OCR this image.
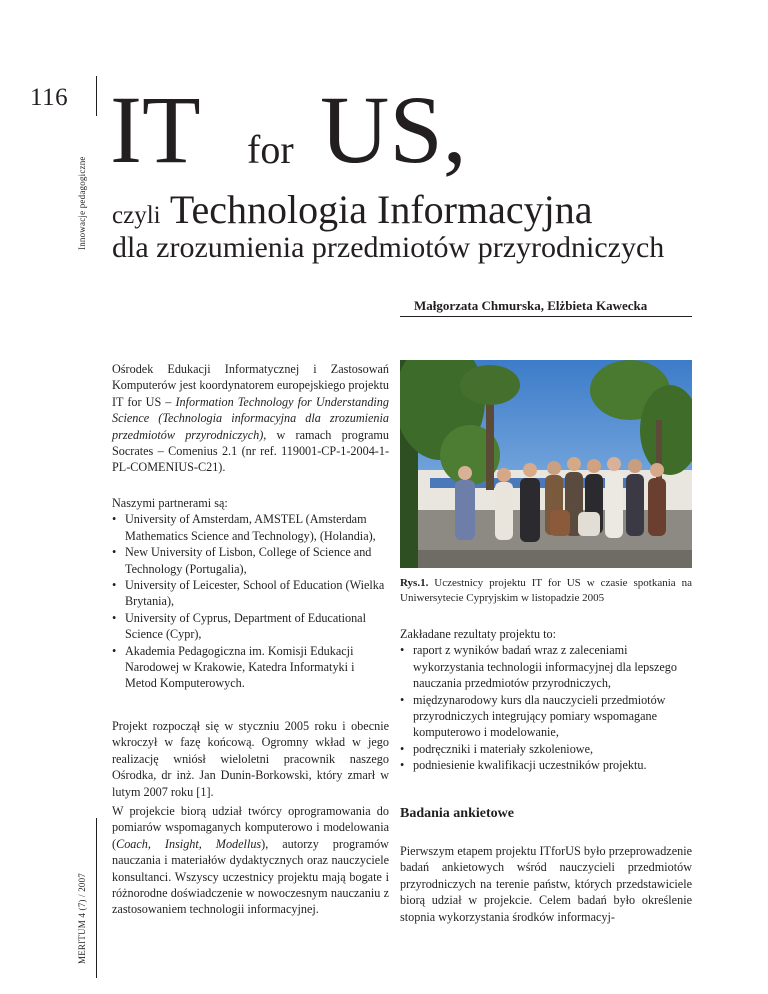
116
Innowacje pedagogiczne
MERITUM 4 (7) / 2007
IT for US,
czyli Technologia Informacyjna
dla zrozumienia przedmiotów przyrodniczych
Małgorzata Chmurska, Elżbieta Kawecka
Ośrodek Edukacji Informatycznej i Zastosowań Komputerów jest koordynatorem europejskiego projektu IT for US – Information Technology for Understanding Science (Technologia informacyjna dla zrozumienia przedmiotów przyrodniczych), w ramach programu Socrates – Comenius 2.1 (nr ref. 119001-CP-1-2004-1-PL-COMENIUS-C21).
Naszymi partnerami są:
• University of Amsterdam, AMSTEL (Amsterdam Mathematics Science and Technology), (Holandia),
• New University of Lisbon, College of Science and Technology (Portugalia),
• University of Leicester, School of Education (Wielka Brytania),
• University of Cyprus, Department of Educational Science (Cypr),
• Akademia Pedagogiczna im. Komisji Edukacji Narodowej w Krakowie, Katedra Informatyki i Metod Komputerowych.
Projekt rozpoczął się w styczniu 2005 roku i obecnie wkroczył w fazę końcową. Ogromny wkład w jego realizację wniósł wieloletni pracownik naszego Ośrodka, dr inż. Jan Dunin-Borkowski, który zmarł w lutym 2007 roku [1].
W projekcie biorą udział twórcy oprogramowania do pomiarów wspomaganych komputerowo i modelowania (Coach, Insight, Modellus), autorzy programów nauczania i materiałów dydaktycznych oraz nauczyciele konsultanci. Wszyscy uczestnicy projektu mają bogate i różnorodne doświadczenie w nowoczesnym nauczaniu z zastosowaniem technologii informacyjnej.
Rys.1. Uczestnicy projektu IT for US w czasie spotkania na Uniwersytecie Cypryjskim w listopadzie 2005
Zakładane rezultaty projektu to:
• raport z wyników badań wraz z zaleceniami wykorzystania technologii informacyjnej dla lepszego nauczania przedmiotów przyrodniczych,
• międzynarodowy kurs dla nauczycieli przedmiotów przyrodniczych integrujący pomiary wspomagane komputerowo i modelowanie,
• podręczniki i materiały szkoleniowe,
• podniesienie kwalifikacji uczestników projektu.
Badania ankietowe
Pierwszym etapem projektu ITforUS było przeprowadzenie badań ankietowych wśród nauczycieli przedmiotów przyrodniczych na terenie państw, których przedstawiciele biorą udział w projekcie. Celem badań było określenie stopnia wykorzystania środków informacyj-
